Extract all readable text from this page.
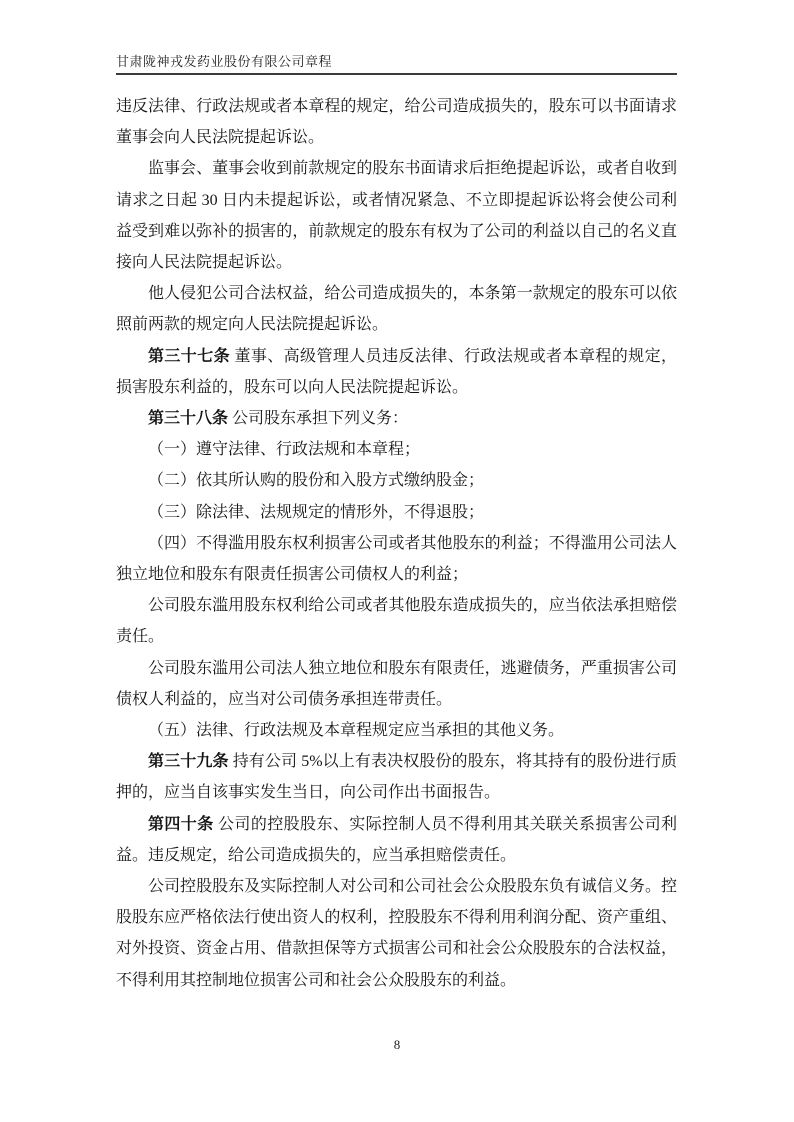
甘肃陇神戎发药业股份有限公司章程

违反法律、行政法规或者本章程的规定，给公司造成损失的，股东可以书面请求董事会向人民法院提起诉讼。

监事会、董事会收到前款规定的股东书面请求后拒绝提起诉讼，或者自收到请求之日起 30 日内未提起诉讼，或者情况紧急、不立即提起诉讼将会使公司利益受到难以弥补的损害的，前款规定的股东有权为了公司的利益以自己的名义直接向人民法院提起诉讼。

他人侵犯公司合法权益，给公司造成损失的，本条第一款规定的股东可以依照前两款的规定向人民法院提起诉讼。

第三十七条 董事、高级管理人员违反法律、行政法规或者本章程的规定，损害股东利益的，股东可以向人民法院提起诉讼。

第三十八条 公司股东承担下列义务：

（一）遵守法律、行政法规和本章程；

（二）依其所认购的股份和入股方式缴纳股金；

（三）除法律、法规规定的情形外，不得退股；

（四）不得滥用股东权利损害公司或者其他股东的利益；不得滥用公司法人独立地位和股东有限责任损害公司债权人的利益；

公司股东滥用股东权利给公司或者其他股东造成损失的，应当依法承担赔偿责任。

公司股东滥用公司法人独立地位和股东有限责任，逃避债务，严重损害公司债权人利益的，应当对公司债务承担连带责任。

（五）法律、行政法规及本章程规定应当承担的其他义务。

第三十九条 持有公司 5%以上有表决权股份的股东，将其持有的股份进行质押的，应当自该事实发生当日，向公司作出书面报告。

第四十条 公司的控股股东、实际控制人员不得利用其关联关系损害公司利益。违反规定，给公司造成损失的，应当承担赔偿责任。

公司控股股东及实际控制人对公司和公司社会公众股股东负有诚信义务。控股股东应严格依法行使出资人的权利，控股股东不得利用利润分配、资产重组、对外投资、资金占用、借款担保等方式损害公司和社会公众股股东的合法权益，不得利用其控制地位损害公司和社会公众股股东的利益。

8
